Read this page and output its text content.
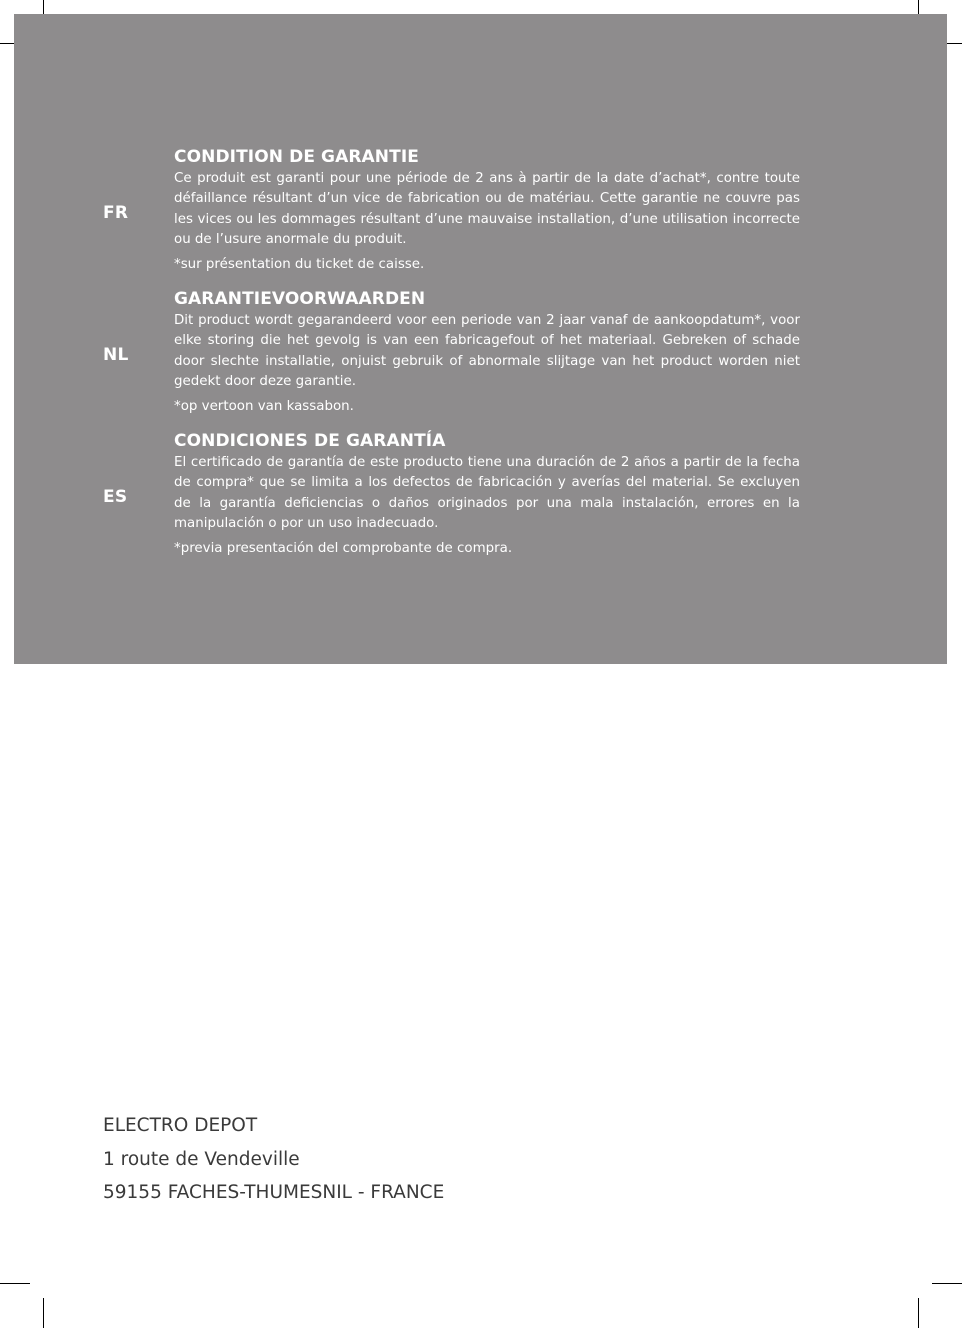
FR
CONDITION DE GARANTIE
Ce produit est garanti pour une période de 2 ans à partir de la date d’achat*, contre toute défaillance résultant d’un vice de fabrication ou de matériau. Cette garantie ne couvre pas les vices ou les dommages résultant d’une mauvaise installation, d’une utilisation incorrecte ou de l’usure anormale du produit.
*sur présentation du ticket de caisse.
NL
GARANTIEVOORWAARDEN
Dit product wordt gegarandeerd voor een periode van 2 jaar vanaf de aankoopdatum*, voor elke storing die het gevolg is van een fabricagefout of het materiaal. Gebreken of schade door slechte installatie, onjuist gebruik of abnormale slijtage van het product worden niet gedekt door deze garantie.
*op vertoon van kassabon.
ES
CONDICIONES DE GARANTÍA
El certificado de garantía de este producto tiene una duración de 2 años a partir de la fecha de compra* que se limita a los defectos de fabricación y averías del material. Se excluyen de la garantía deficiencias o daños originados por una mala instalación, errores en la manipulación o por un uso inadecuado.
*previa presentación del comprobante de compra.
ELECTRO DEPOT
1 route de Vendeville
59155 FACHES-THUMESNIL - FRANCE
